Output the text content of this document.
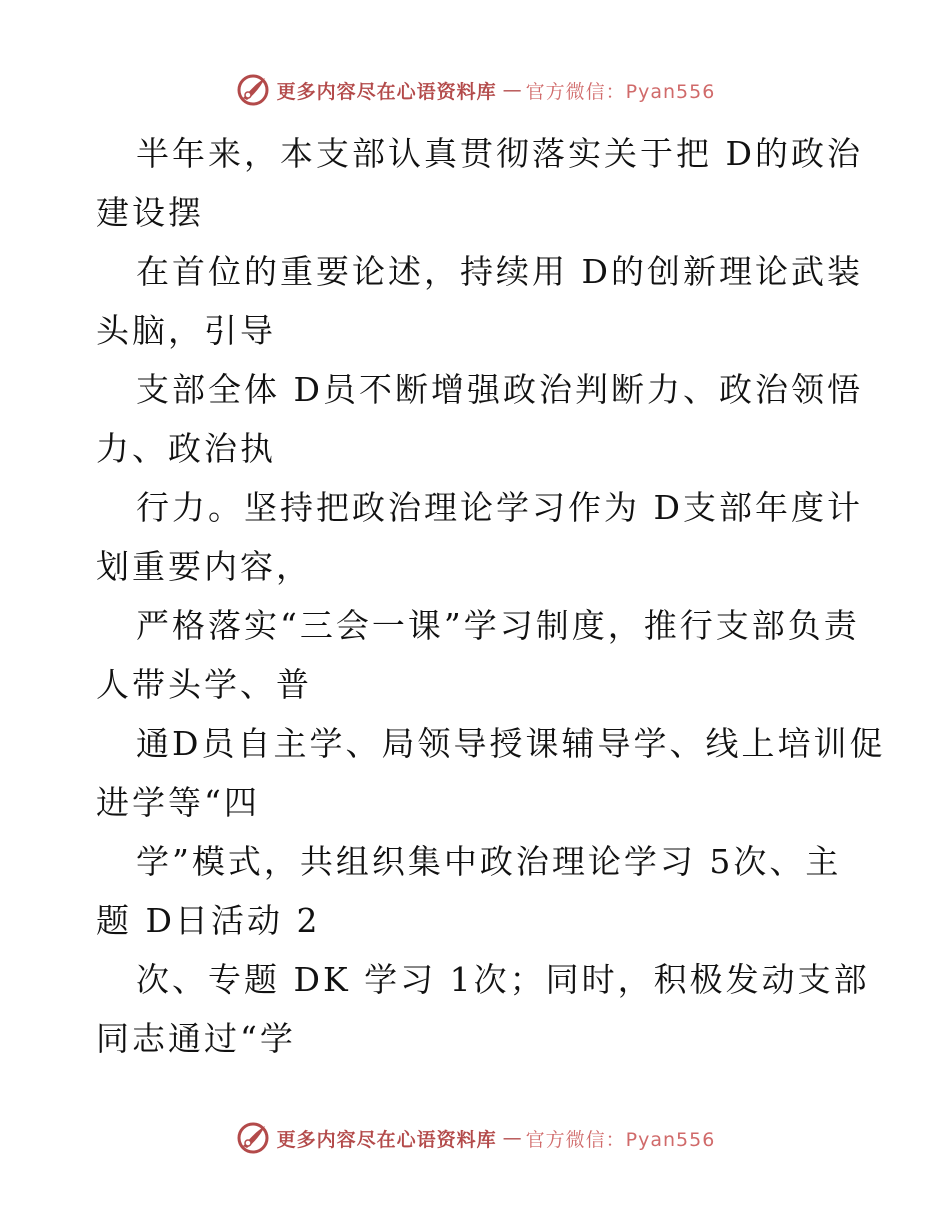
更多内容尽在心语资料库 — 官方微信：Pyan556

半年来，本支部认真贯彻落实关于把 D的政治
建设摆

在首位的重要论述，持续用 D的创新理论武装
头脑，引导

支部全体 D员不断增强政治判断力、政治领悟
力、政治执

行力。坚持把政治理论学习作为 D支部年度计
划重要内容，

严格落实“三会一课”学习制度，推行支部负责
人带头学、普

通D员自主学、局领导授课辅导学、线上培训促
进学等“四

学”模式，共组织集中政治理论学习 5次、主
题 D日活动 2

次、专题 DK 学习 1次；同时，积极发动支部
同志通过“学

更多内容尽在心语资料库 — 官方微信：Pyan556
